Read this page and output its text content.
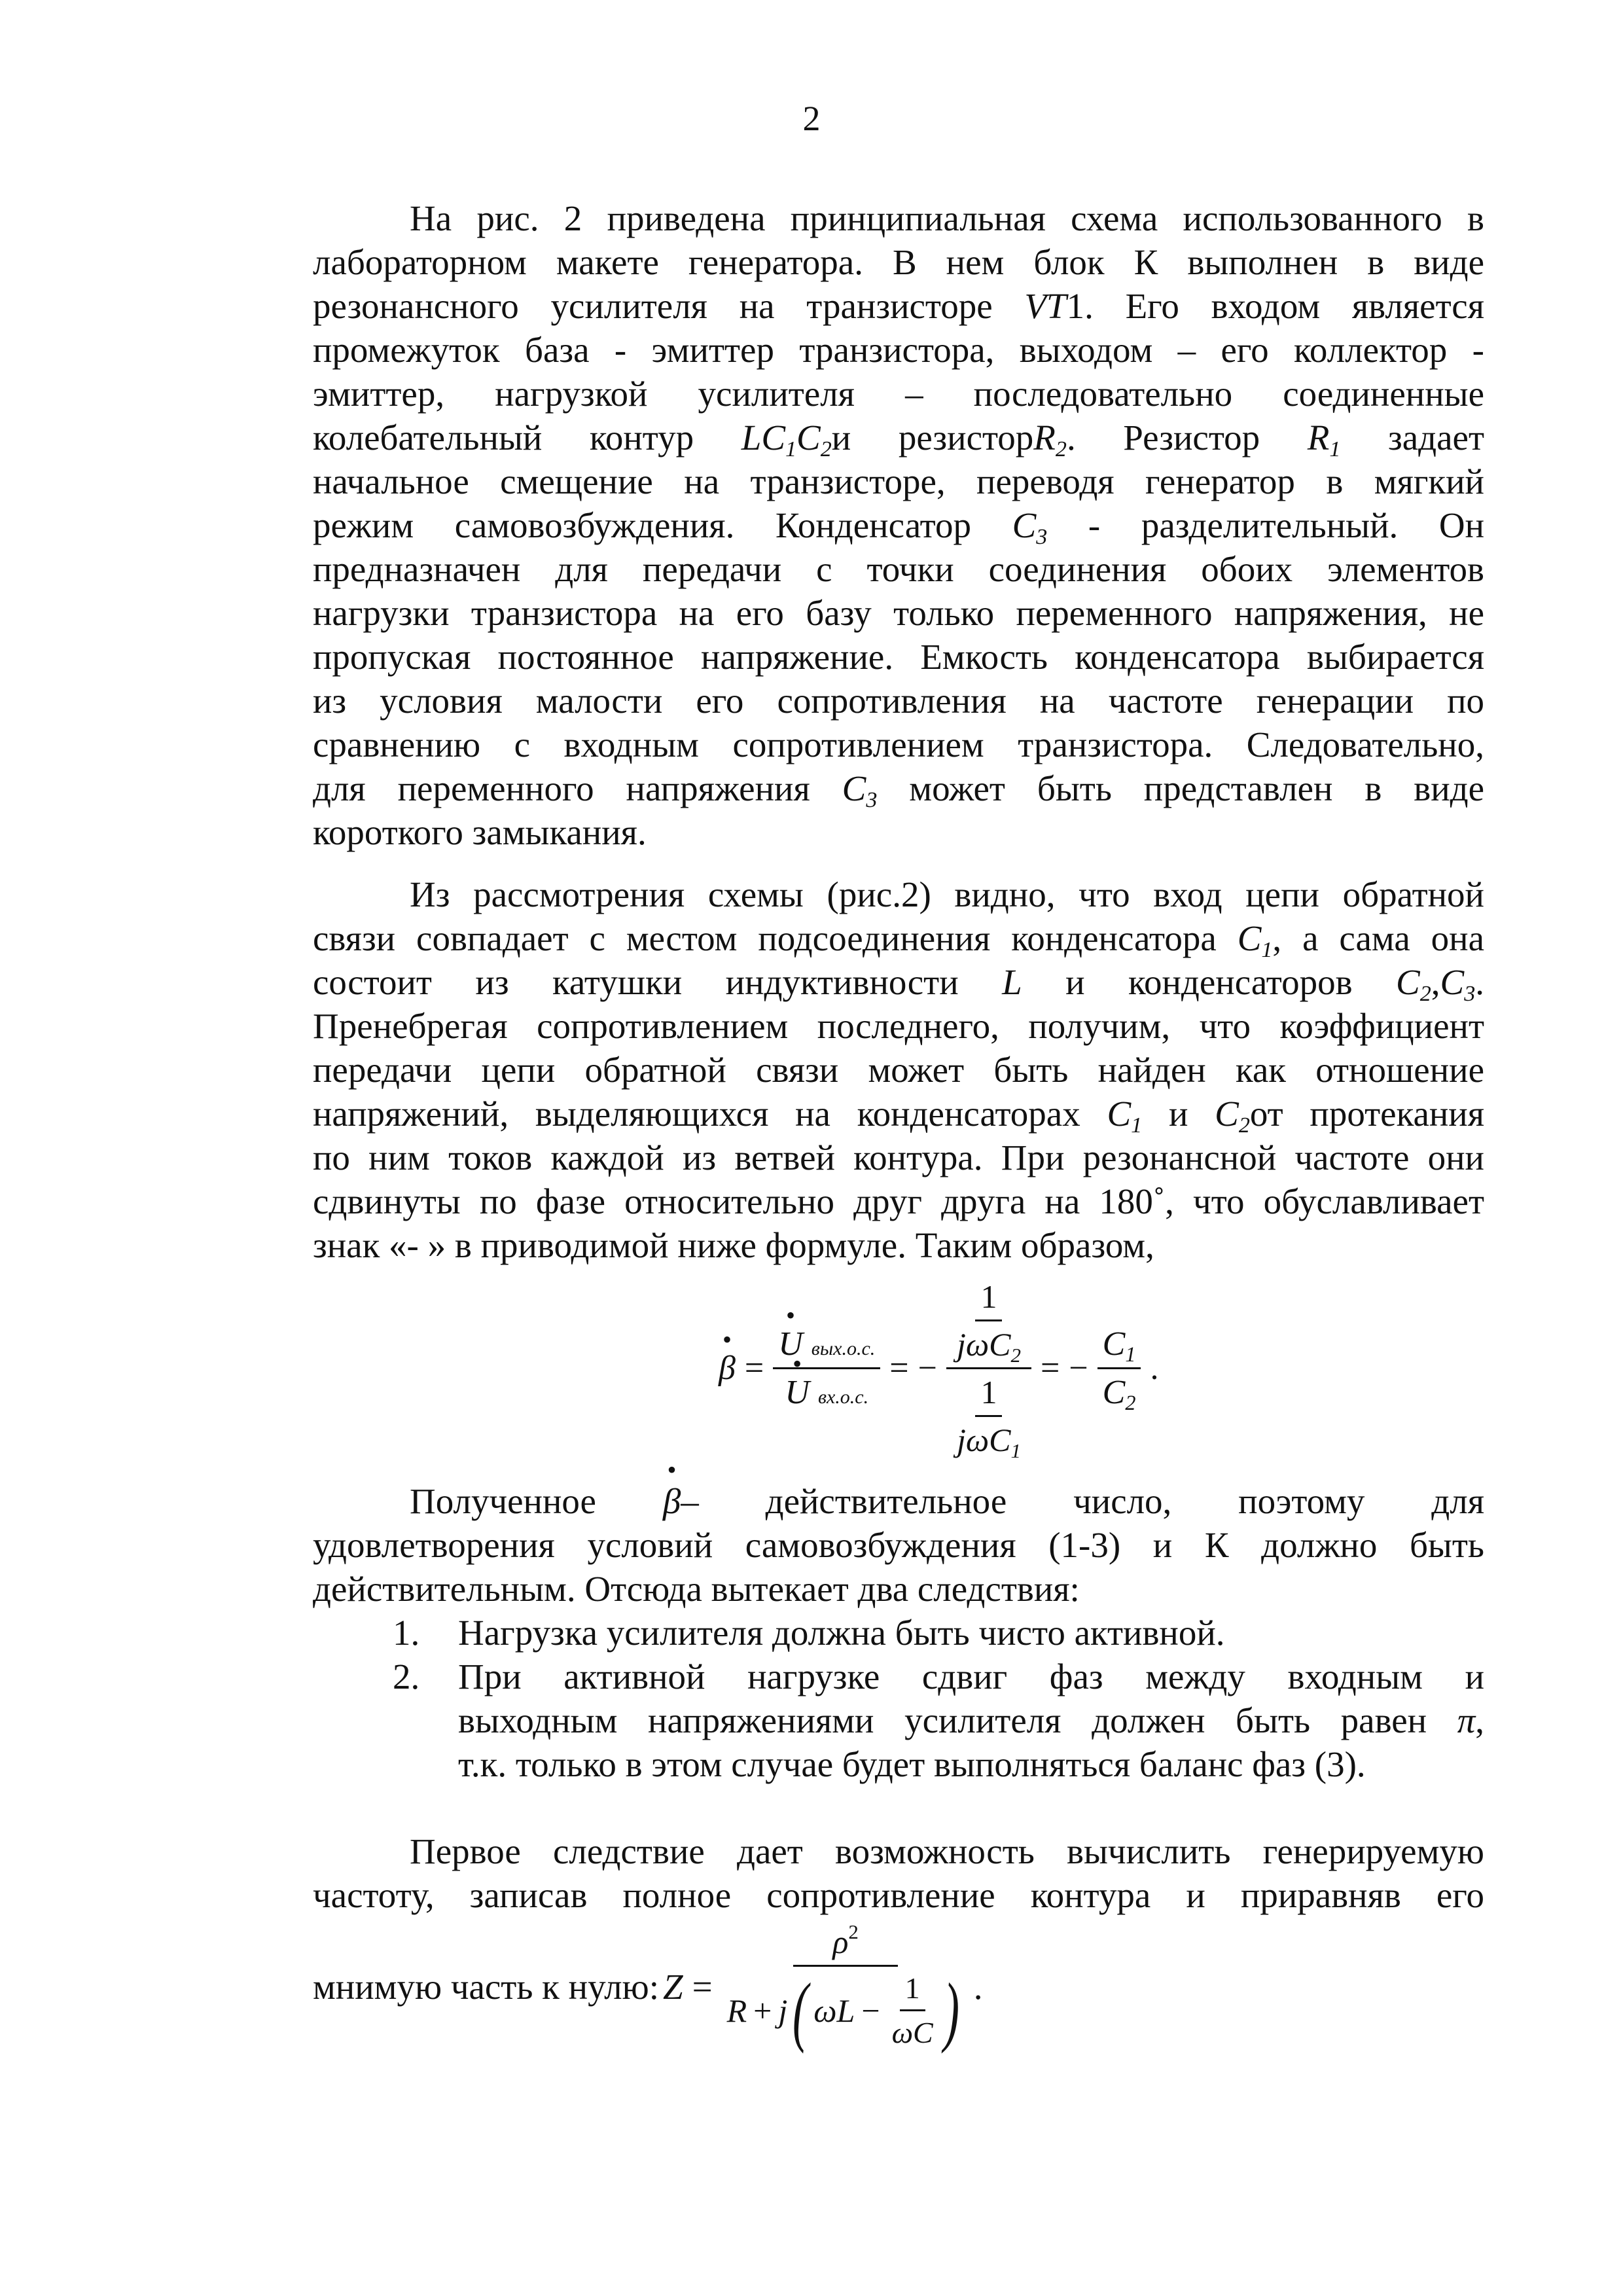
2
На рис. 2 приведена принципиальная схема использованного в
лабораторном макете генератора. В нем блок К выполнен в виде
резонансного усилителя на транзисторе VT1. Его входом является
промежуток база - эмиттер транзистора, выходом – его коллектор -
эмиттер, нагрузкой усилителя – последовательно соединенные
колебательный контур $LC_1C_2и$ резисторR$_2$. Резистор $R_1$ задает
начальное смещение на транзисторе, переводя генератор в мягкий
режим самовозбуждения. Конденсатор $C_3$ - разделительный. Он
предназначен для передачи с точки соединения обоих элементов
нагрузки транзистора на его базу только переменного напряжения, не
пропуская постоянное напряжение. Емкость конденсатора выбирается
из условия малости его сопротивления на частоте генерации по
сравнению с входным сопротивлением транзистора. Следовательно,
для переменного напряжения $C_3$ может быть представлен в виде
короткого замыкания.
Из рассмотрения схемы (рис.2) видно, что вход цепи обратной
связи совпадает с местом подсоединения конденсатора $C_1$, а сама она
состоит из катушки индуктивности L и конденсаторов $C_2,C_3$.
Пренебрегая сопротивлением последнего, получим, что коэффициент
передачи цепи обратной связи может быть найден как отношение
напряжений, выделяющихся на конденсаторах $C_1$ и $C_2от$ протекания
по ним токов каждой из ветвей контура. При резонансной частоте они
сдвинуты по фазе относительно друг друга на 180˚, что обуславливает
знак «- » в приводимой ниже формуле. Таким образом,
• β = • U вых.о.с.
• U вх.о.с. = − $\frac{\frac{1}{j\omega C_2}}{\frac{1}{j\omega C_1}}$ = − $\frac{C_1}{C_2}$ .
Полученное • β– действительное число, поэтому для
удовлетворения условий самовозбуждения (1-3) и К должно быть
действительным. Отсюда вытекает два следствия:
1. Нагрузка усилителя должна быть чисто активной.
2. При активной нагрузке сдвиг фаз между входным и
выходным напряжениями усилителя должен быть равен π,
т.к. только в этом случае будет выполняться баланс фаз (3).
Первое следствие дает возможность вычислить генерируемую
частоту, записав полное сопротивление контура и приравняв его
мнимую часть к нулю: Z =
$\rho^2$
R + j ( ω $L - \frac{1}{\omega C}$ ) .
